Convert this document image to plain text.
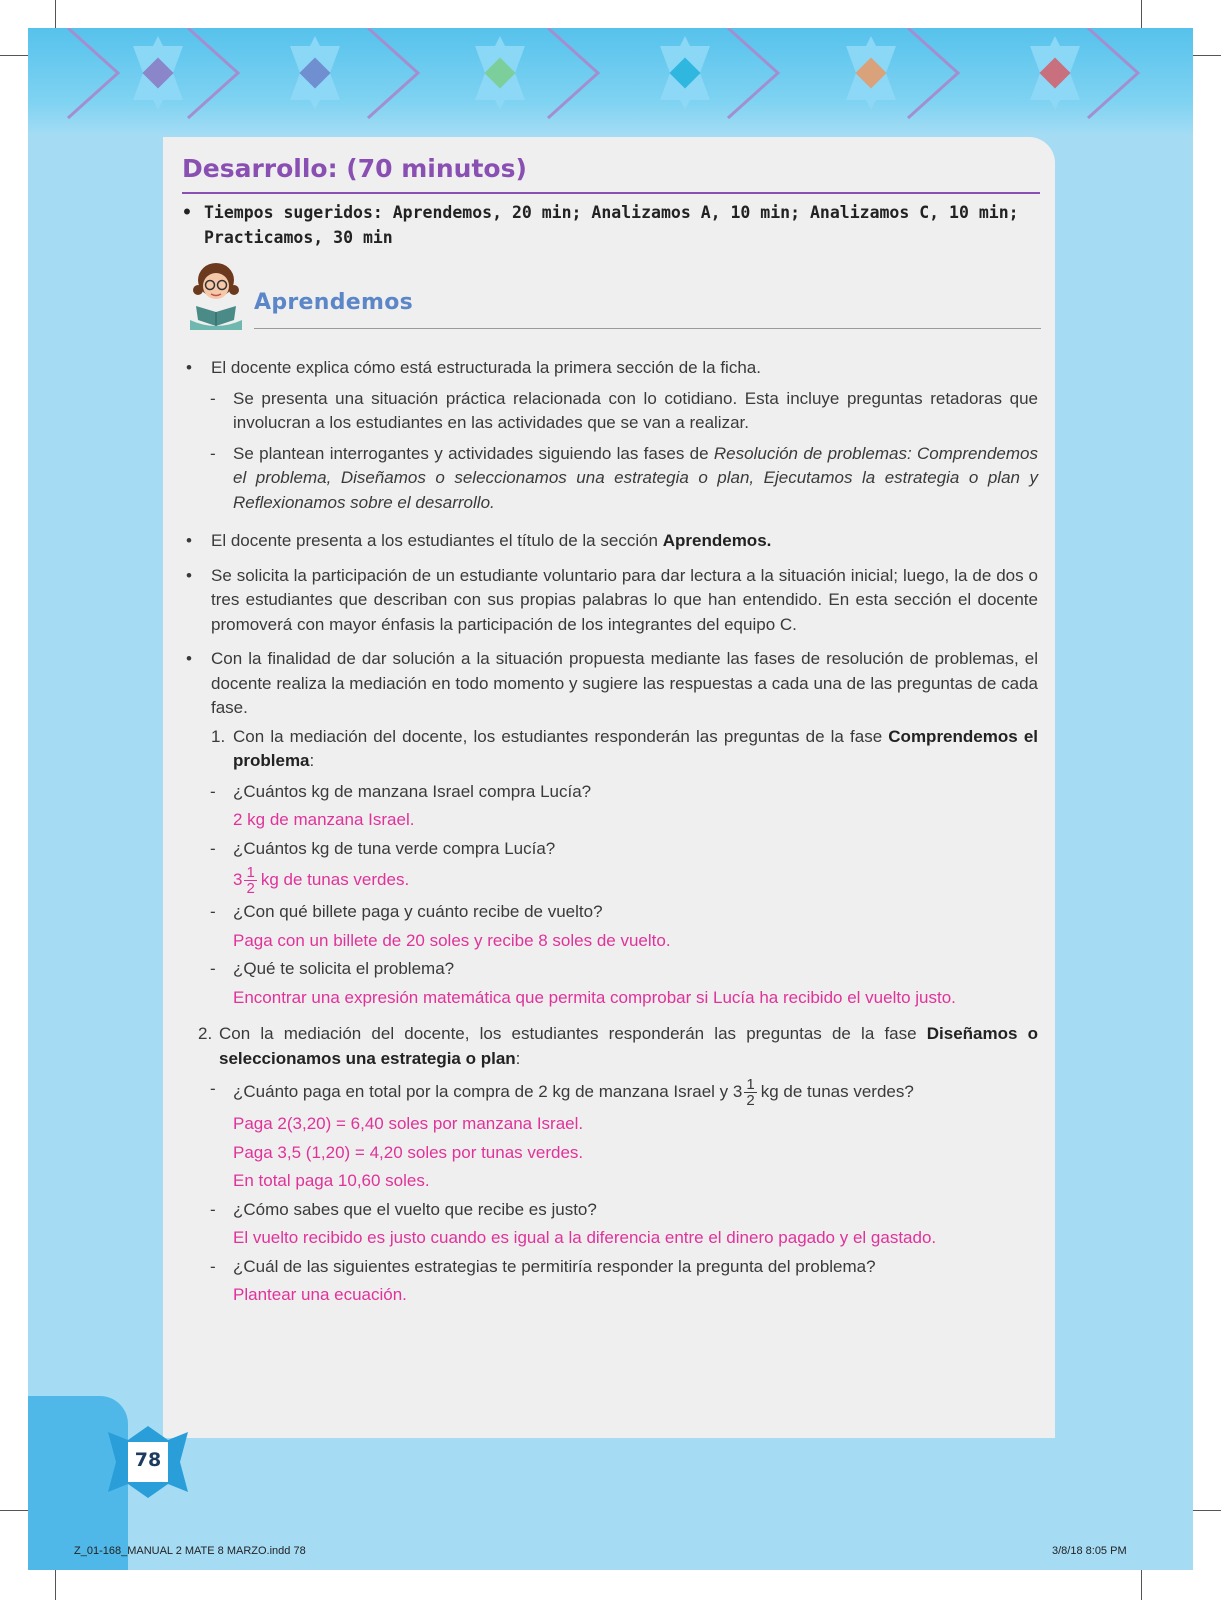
Desarrollo: (70 minutos)
• Tiempos sugeridos: Aprendemos, 20 min; Analizamos A, 10 min; Analizamos C, 10 min; Practicamos, 30 min
Aprendemos
• El docente explica cómo está estructurada la primera sección de la ficha.
- Se presenta una situación práctica relacionada con lo cotidiano. Esta incluye preguntas retadoras que involucran a los estudiantes en las actividades que se van a realizar.
- Se plantean interrogantes y actividades siguiendo las fases de Resolución de problemas: Comprendemos el problema, Diseñamos o seleccionamos una estrategia o plan, Ejecutamos la estrategia o plan y Reflexionamos sobre el desarrollo.
• El docente presenta a los estudiantes el título de la sección Aprendemos.
• Se solicita la participación de un estudiante voluntario para dar lectura a la situación inicial; luego, la de dos o tres estudiantes que describan con sus propias palabras lo que han entendido. En esta sección el docente promoverá con mayor énfasis la participación de los integrantes del equipo C.
• Con la finalidad de dar solución a la situación propuesta mediante las fases de resolución de problemas, el docente realiza la mediación en todo momento y sugiere las respuestas a cada una de las preguntas de cada fase.
1. Con la mediación del docente, los estudiantes responderán las preguntas de la fase Comprendemos el problema:
- ¿Cuántos kg de manzana Israel compra Lucía?
2 kg de manzana Israel.
- ¿Cuántos kg de tuna verde compra Lucía?
$3 \frac{1}{2}$ kg de tunas verdes.
- ¿Con qué billete paga y cuánto recibe de vuelto?
Paga con un billete de 20 soles y recibe 8 soles de vuelto.
- ¿Qué te solicita el problema?
Encontrar una expresión matemática que permita comprobar si Lucía ha recibido el vuelto justo.
2. Con la mediación del docente, los estudiantes responderán las preguntas de la fase Diseñamos o seleccionamos una estrategia o plan:
- ¿Cuánto paga en total por la compra de 2 kg de manzana Israel y $3 \frac{1}{2}$ kg de tunas verdes?
Paga 2(3,20) = 6,40 soles por manzana Israel.
Paga 3,5 (1,20) = 4,20 soles por tunas verdes.
En total paga 10,60 soles.
- ¿Cómo sabes que el vuelto que recibe es justo?
El vuelto recibido es justo cuando es igual a la diferencia entre el dinero pagado y el gastado.
- ¿Cuál de las siguientes estrategias te permitiría responder la pregunta del problema?
Plantear una ecuación.
78
Z_01-168_MANUAL 2 MATE 8 MARZO.indd 78	3/8/18 8:05 PM
